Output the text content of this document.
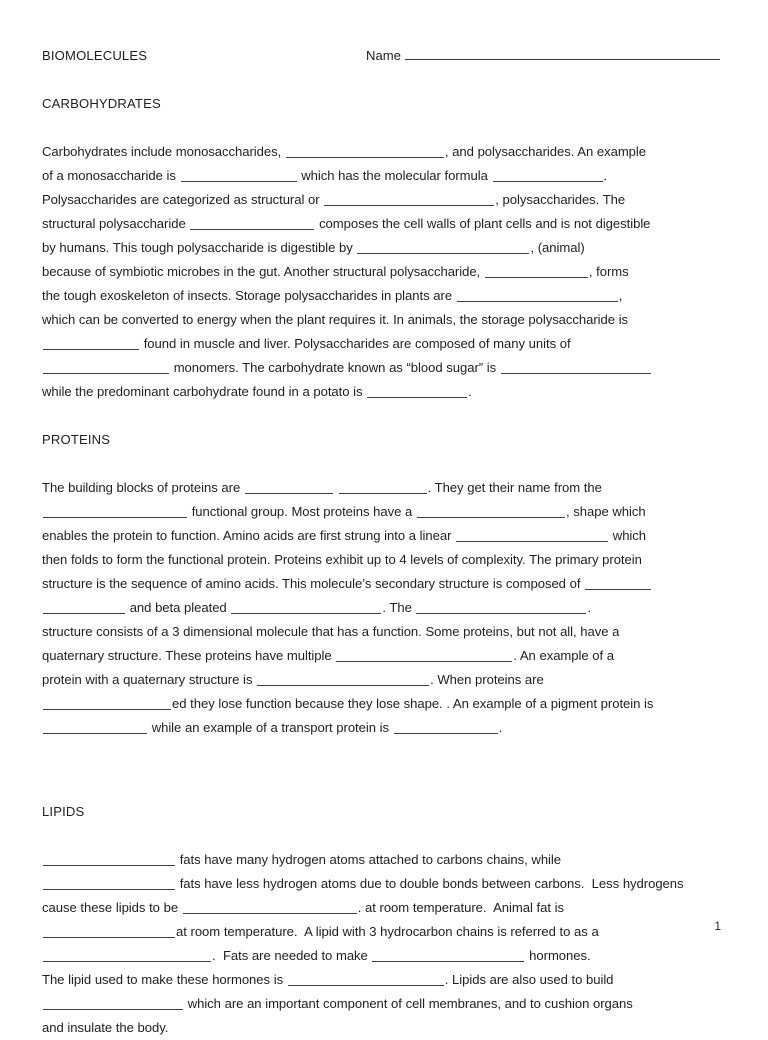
BIOMOLECULES	Name
CARBOHYDRATES
Carbohydrates include monosaccharides,	, and polysaccharides. An example
of a monosaccharide is	which has the molecular formula	.
Polysaccharides are categorized as structural or	, polysaccharides. The
structural polysaccharide	composes the cell walls of plant cells and is not digestible
by humans. This tough polysaccharide is digestible by	, (animal)
because of symbiotic microbes in the gut. Another structural polysaccharide,	, forms
the tough exoskeleton of insects. Storage polysaccharides in plants are	,
which can be converted to energy when the plant requires it. In animals, the storage polysaccharide is
found in muscle and liver. Polysaccharides are composed of many units of
monomers. The carbohydrate known as “blood sugar” is
while the predominant carbohydrate found in a potato is	.
PROTEINS
The building blocks of proteins are	. They get their name from the
functional group. Most proteins have a	, shape which
enables the protein to function. Amino acids are first strung into a linear	which
then folds to form the functional protein. Proteins exhibit up to 4 levels of complexity. The primary protein
structure is the sequence of amino acids. This molecule’s secondary structure is composed of
and beta pleated	. The	.
structure consists of a 3 dimensional molecule that has a function. Some proteins, but not all, have a
quaternary structure. These proteins have multiple	. An example of a
protein with a quaternary structure is	. When proteins are
ed they lose function because they lose shape. . An example of a pigment protein is
while an example of a transport protein is	.
LIPIDS
fats have many hydrogen atoms attached to carbons chains, while
fats have less hydrogen atoms due to double bonds between carbons.  Less hydrogens
cause these lipids to be	. at room temperature.  Animal fat is
at room temperature.  A lipid with 3 hydrocarbon chains is referred to as a
.  Fats are needed to make	hormones.
The lipid used to make these hormones is	. Lipids are also used to build
which are an important component of cell membranes, and to cushion organs
and insulate the body.
1
